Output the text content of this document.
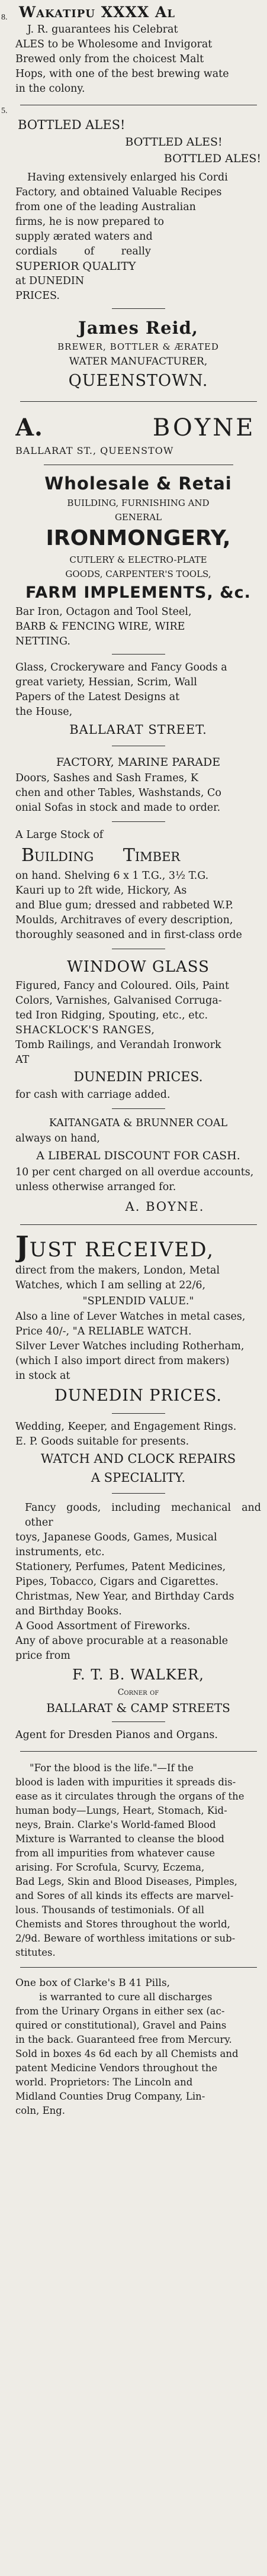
8.
5.

Wakatipu XXXX Al

J. R. guarantees his Celebrat

ALES to be Wholesome and Invigorat

Brewed only from the choicest Malt

Hops, with one of the best brewing wate

in the colony.

BOTTLED ALES!

BOTTLED ALES!

BOTTLED ALES!

Having extensively enlarged his Cordi

Factory, and obtained Valuable Recipes

from one of the leading Australian

firms, he is now prepared to

supply ærated waters and

cordials of really

SUPERIOR QUALITY

at DUNEDIN

PRICES.

James Reid,

BREWER, BOTTLER & ÆRATED

WATER MANUFACTURER,

QUEENSTOWN.

A.	BOYNE

BALLARAT ST., QUEENSTOW

Wholesale & Retai

BUILDING, FURNISHING AND

GENERAL

IRONMONGERY,

CUTLERY & ELECTRO-PLATE

GOODS, CARPENTER'S TOOLS,

FARM IMPLEMENTS, &c.

Bar Iron, Octagon and Tool Steel,

BARB & FENCING WIRE, WIRE

NETTING.

Glass, Crockeryware and Fancy Goods a

great variety, Hessian, Scrim, Wall

Papers of the Latest Designs at

the House,

BALLARAT STREET.

FACTORY, MARINE PARADE

Doors, Sashes and Sash Frames, K

chen and other Tables, Washstands, Co

onial Sofas in stock and made to order.

A Large Stock of

Building Timber

on hand. Shelving 6 x 1 T.G., 3½ T.G.

Kauri up to 2ft wide, Hickory, As

and Blue gum; dressed and rabbeted W.P.

Moulds, Architraves of every description,

thoroughly seasoned and in first-class orde

WINDOW GLASS

Figured, Fancy and Coloured. Oils, Paint

Colors, Varnishes, Galvanised Corruga-

ted Iron Ridging, Spouting, etc., etc.

SHACKLOCK'S RANGES,

Tomb Railings, and Verandah Ironwork

AT

DUNEDIN PRICES.

for cash with carriage added.

KAITANGATA & BRUNNER COAL

always on hand,

A LIBERAL DISCOUNT FOR CASH.

10 per cent charged on all overdue accounts,

unless otherwise arranged for.

A. BOYNE.

JUST RECEIVED,

direct from the makers, London, Metal

Watches, which I am selling at 22/6,

"SPLENDID VALUE."

Also a line of Lever Watches in metal cases,

Price 40/-, "A RELIABLE WATCH.

Silver Lever Watches including Rotherham,

(which I also import direct from makers)

in stock at

DUNEDIN PRICES.

Wedding, Keeper, and Engagement Rings.

E. P. Goods suitable for presents.

WATCH AND CLOCK REPAIRS

A SPECIALITY.

Fancy goods, including mechanical and other

toys, Japanese Goods, Games, Musical

instruments, etc.

Stationery, Perfumes, Patent Medicines,

Pipes, Tobacco, Cigars and Cigarettes.

Christmas, New Year, and Birthday Cards

and Birthday Books.

A Good Assortment of Fireworks.

Any of above procurable at a reasonable

price from

F. T. B. WALKER,

Corner of

BALLARAT & CAMP STREETS

Agent for Dresden Pianos and Organs.

"For the blood is the life."—If the

blood is laden with impurities it spreads dis-

ease as it circulates through the organs of the

human body—Lungs, Heart, Stomach, Kid-

neys, Brain. Clarke's World-famed Blood

Mixture is Warranted to cleanse the blood

from all impurities from whatever cause

arising. For Scrofula, Scurvy, Eczema,

Bad Legs, Skin and Blood Diseases, Pimples,

and Sores of all kinds its effects are marvel-

lous. Thousands of testimonials. Of all

Chemists and Stores throughout the world,

2/9d. Beware of worthless imitations or sub-

stitutes.

One box of Clarke's B 41 Pills,

is warranted to cure all discharges

from the Urinary Organs in either sex (ac-

quired or constitutional), Gravel and Pains

in the back. Guaranteed free from Mercury.

Sold in boxes 4s 6d each by all Chemists and

patent Medicine Vendors throughout the

world. Proprietors: The Lincoln and

Midland Counties Drug Company, Lin-

coln, Eng.
